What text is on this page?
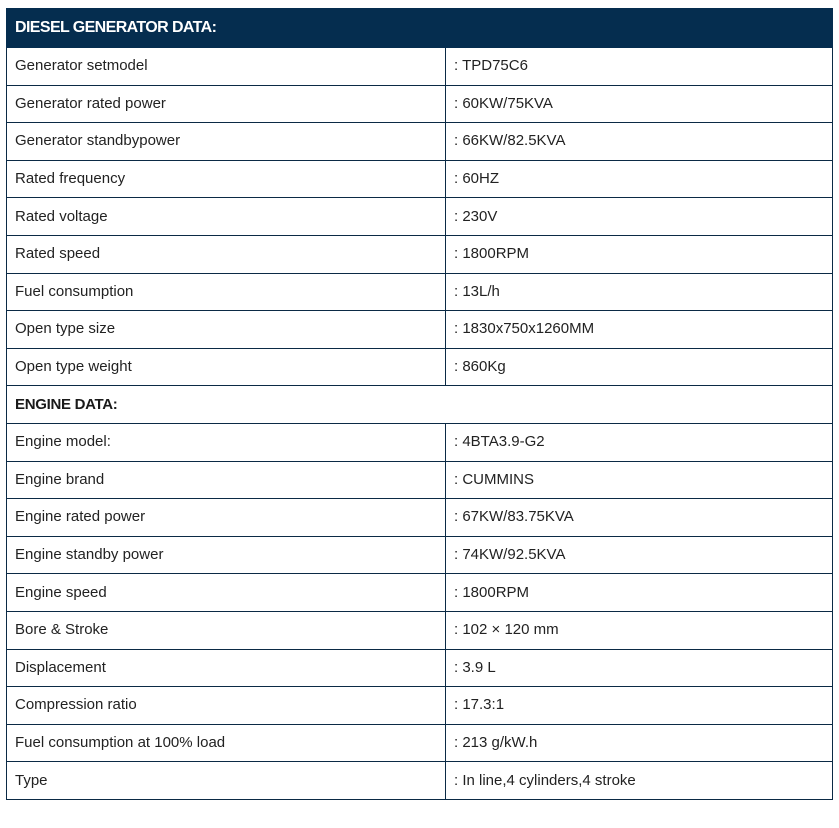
DIESEL GENERATOR DATA:	
Generator setmodel	: TPD75C6
Generator rated power	: 60KW/75KVA
Generator standbypower	: 66KW/82.5KVA
Rated frequency	: 60HZ
Rated voltage	: 230V
Rated speed	: 1800RPM
Fuel consumption	: 13L/h
Open type size	: 1830x750x1260MM
Open type weight	: 860Kg
ENGINE DATA:	
Engine model:	: 4BTA3.9-G2
Engine brand	: CUMMINS
Engine rated power	: 67KW/83.75KVA
Engine standby power	: 74KW/92.5KVA
Engine speed	: 1800RPM
Bore & Stroke	: 102 × 120 mm
Displacement	: 3.9 L
Compression ratio	: 17.3:1
Fuel consumption at 100% load	: 213 g/kW.h
Type	: In line,4 cylinders,4 stroke
